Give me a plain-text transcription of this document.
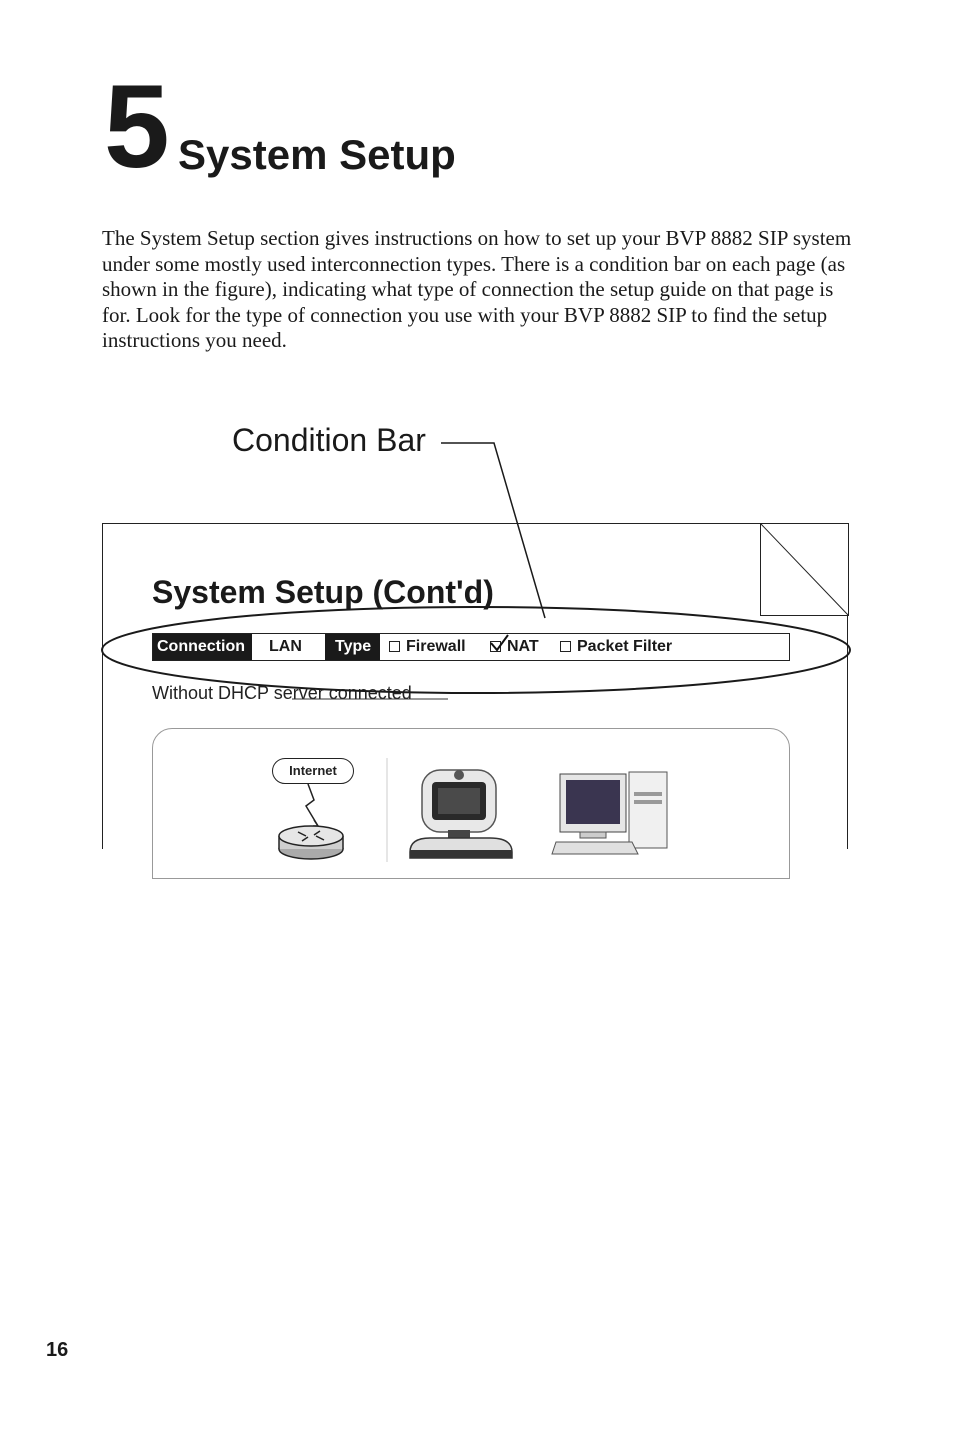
5 System Setup

The System Setup section gives instructions on how to set up your BVP 8882 SIP system under some mostly used interconnection types. There is a condition bar on each page (as shown in the figure), indicating what type of connection the setup guide on that page is for. Look for the type of connection you use with your BVP 8882 SIP to find the setup instructions you need.

Condition Bar
System Setup (Cont'd)
Connection	LAN	Type	Firewall	NAT	Packet Filter
Without DHCP server connected
Internet
16
